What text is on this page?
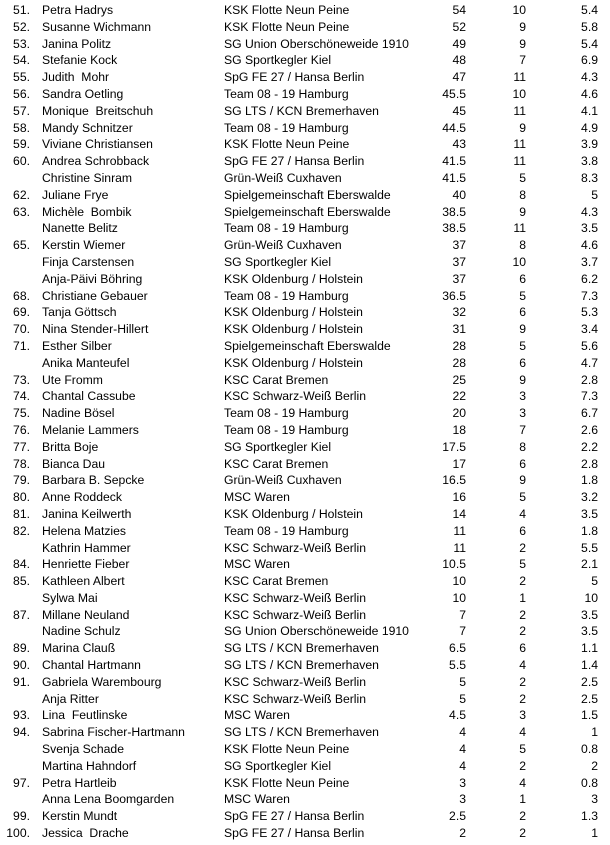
51. Petra Hadrys	KSK Flotte Neun Peine	54	10	5.4
52. Susanne Wichmann	KSK Flotte Neun Peine	52	9	5.8
53. Janina Politz	SG Union Oberschöneweide 1910	49	9	5.4
54. Stefanie Kock	SG Sportkegler Kiel	48	7	6.9
55. Judith  Mohr	SpG FE 27 / Hansa Berlin	47	11	4.3
56. Sandra Oetling	Team 08 - 19 Hamburg	45.5	10	4.6
57. Monique  Breitschuh	SG LTS / KCN Bremerhaven	45	11	4.1
58. Mandy Schnitzer	Team 08 - 19 Hamburg	44.5	9	4.9
59. Viviane Christiansen	KSK Flotte Neun Peine	43	11	3.9
60. Andrea Schrobback	SpG FE 27 / Hansa Berlin	41.5	11	3.8
Christine Sinram	Grün-Weiß Cuxhaven	41.5	5	8.3
62. Juliane Frye	Spielgemeinschaft Eberswalde	40	8	5
63. Michèle  Bombik	Spielgemeinschaft Eberswalde	38.5	9	4.3
Nanette Belitz	Team 08 - 19 Hamburg	38.5	11	3.5
65. Kerstin Wiemer	Grün-Weiß Cuxhaven	37	8	4.6
Finja Carstensen	SG Sportkegler Kiel	37	10	3.7
Anja-Päivi Böhring	KSK Oldenburg / Holstein	37	6	6.2
68. Christiane Gebauer	Team 08 - 19 Hamburg	36.5	5	7.3
69. Tanja Göttsch	KSK Oldenburg / Holstein	32	6	5.3
70. Nina Stender-Hillert	KSK Oldenburg / Holstein	31	9	3.4
71. Esther Silber	Spielgemeinschaft Eberswalde	28	5	5.6
Anika Manteufel	KSK Oldenburg / Holstein	28	6	4.7
73. Ute Fromm	KSC Carat Bremen	25	9	2.8
74. Chantal Cassube	KSC Schwarz-Weiß Berlin	22	3	7.3
75. Nadine Bösel	Team 08 - 19 Hamburg	20	3	6.7
76. Melanie Lammers	Team 08 - 19 Hamburg	18	7	2.6
77. Britta Boje	SG Sportkegler Kiel	17.5	8	2.2
78. Bianca Dau	KSC Carat Bremen	17	6	2.8
79. Barbara B. Sepcke	Grün-Weiß Cuxhaven	16.5	9	1.8
80. Anne Roddeck	MSC Waren	16	5	3.2
81. Janina Keilwerth	KSK Oldenburg / Holstein	14	4	3.5
82. Helena Matzies	Team 08 - 19 Hamburg	11	6	1.8
Kathrin Hammer	KSC Schwarz-Weiß Berlin	11	2	5.5
84. Henriette Fieber	MSC Waren	10.5	5	2.1
85. Kathleen Albert	KSC Carat Bremen	10	2	5
Sylwa Mai	KSC Schwarz-Weiß Berlin	10	1	10
87. Millane Neuland	KSC Schwarz-Weiß Berlin	7	2	3.5
Nadine Schulz	SG Union Oberschöneweide 1910	7	2	3.5
89. Marina Clauß	SG LTS / KCN Bremerhaven	6.5	6	1.1
90. Chantal Hartmann	SG LTS / KCN Bremerhaven	5.5	4	1.4
91. Gabriela Warembourg	KSC Schwarz-Weiß Berlin	5	2	2.5
Anja Ritter	KSC Schwarz-Weiß Berlin	5	2	2.5
93. Lina  Feutlinske	MSC Waren	4.5	3	1.5
94. Sabrina Fischer-Hartmann	SG LTS / KCN Bremerhaven	4	4	1
Svenja Schade	KSK Flotte Neun Peine	4	5	0.8
Martina Hahndorf	SG Sportkegler Kiel	4	2	2
97. Petra Hartleib	KSK Flotte Neun Peine	3	4	0.8
Anna Lena Boomgarden	MSC Waren	3	1	3
99. Kerstin Mundt	SpG FE 27 / Hansa Berlin	2.5	2	1.3
100. Jessica  Drache	SpG FE 27 / Hansa Berlin	2	2	1
